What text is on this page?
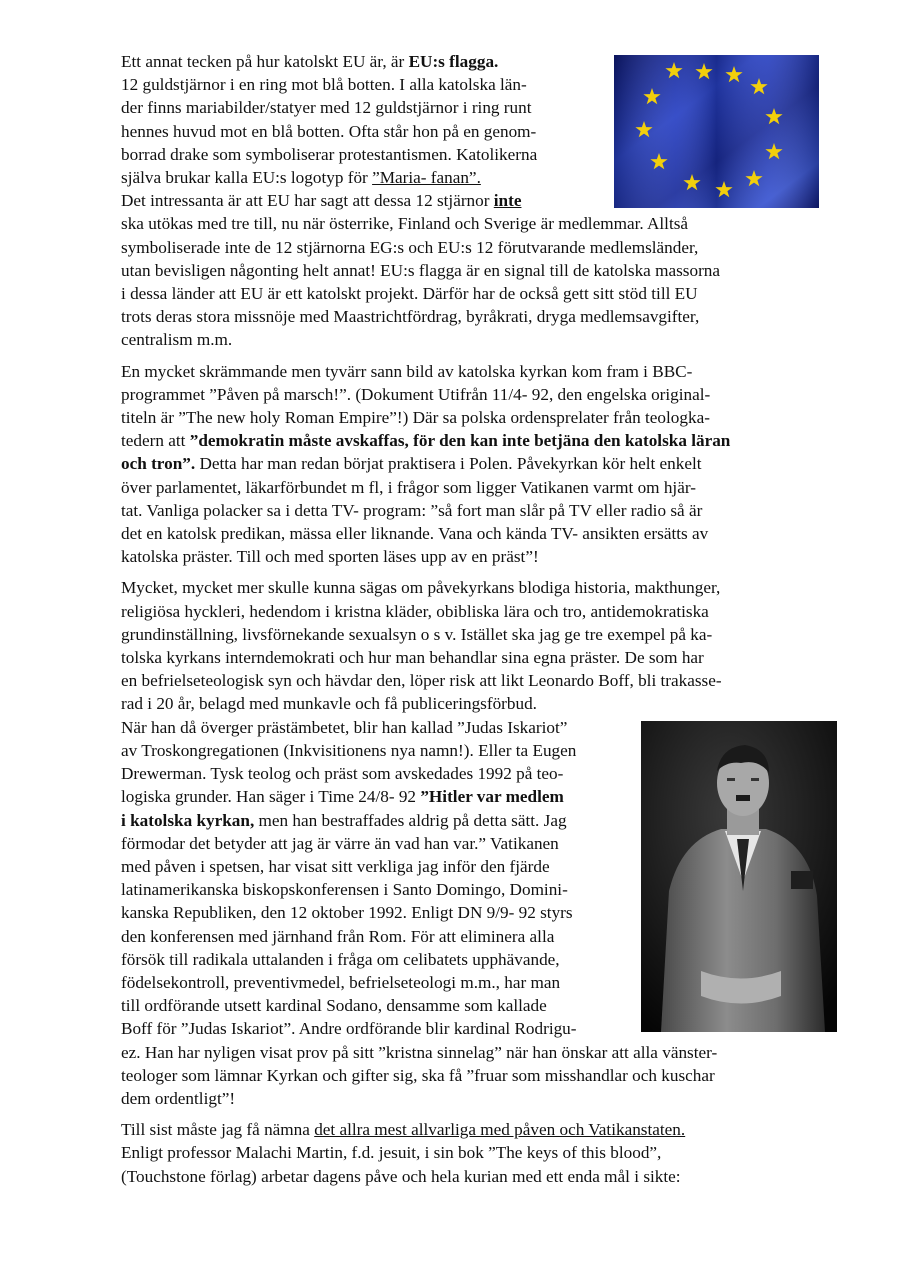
Ett annat tecken på hur katolskt EU är, är EU:s flagga.
12 guldstjärnor i en ring mot blå botten. I alla katolska län-
der finns mariabilder/statyer med 12 guldstjärnor i ring runt
hennes huvud mot en blå botten. Ofta står hon på en genom-
borrad drake som symboliserar protestantismen. Katolikerna
själva brukar kalla EU:s logotyp för ”Maria- fanan”.
Det intressanta är att EU har sagt att dessa 12 stjärnor inte
ska utökas med tre till, nu när österrike, Finland och Sverige är medlemmar. Alltså
symboliserade inte de 12 stjärnorna EG:s och EU:s 12 förutvarande medlemsländer,
utan bevisligen någonting helt annat! EU:s flagga är en signal till de katolska massorna
i dessa länder att EU är ett katolskt projekt. Därför har de också gett sitt stöd till EU
trots deras stora missnöje med Maastrichtfördrag, byråkrati, dryga medlemsavgifter,
centralism m.m.

En mycket skrämmande men tyvärr sann bild av katolska kyrkan kom fram i BBC-
programmet ”Påven på marsch!”. (Dokument Utifrån 11/4- 92, den engelska original-
titeln är ”The new holy Roman Empire”!) Där sa polska ordensprelater från teologka-
tedern att ”demokratin måste avskaffas, för den kan inte betjäna den katolska läran
och tron”. Detta har man redan börjat praktisera i Polen. Påvekyrkan kör helt enkelt
över parlamentet, läkarförbundet m fl, i frågor som ligger Vatikanen varmt om hjär-
tat. Vanliga polacker sa i detta TV- program: ”så fort man slår på TV eller radio så är
det en katolsk predikan, mässa eller liknande. Vana och kända TV- ansikten ersätts av
katolska präster. Till och med sporten läses upp av en präst”!

Mycket, mycket mer skulle kunna sägas om påvekyrkans blodiga historia, makthunger,
religiösa hyckleri, hedendom i kristna kläder, obibliska lära och tro, antidemokratiska
grundinställning, livsförnekande sexualsyn o s v. Istället ska jag ge tre exempel på ka-
tolska kyrkans interndemokrati och hur man behandlar sina egna präster. De som har
en befrielseteologisk syn och hävdar den, löper risk att likt Leonardo Boff, bli trakasse-
rad i 20 år, belagd med munkavle och få publiceringsförbud.
När han då överger prästämbetet, blir han kallad ”Judas Iskariot”
av Troskongregationen (Inkvisitionens nya namn!). Eller ta Eugen
Drewerman. Tysk teolog och präst som avskedades 1992 på teo-
logiska grunder. Han säger i Time 24/8- 92 ”Hitler var medlem
i katolska kyrkan, men han bestraffades aldrig på detta sätt. Jag
förmodar det betyder att jag är värre än vad han var.” Vatikanen
med påven i spetsen, har visat sitt verkliga jag inför den fjärde
latinamerikanska biskopskonferensen i Santo Domingo, Domini-
kanska Republiken, den 12 oktober 1992. Enligt DN 9/9- 92 styrs
den konferensen med järnhand från Rom. För att eliminera alla
försök till radikala uttalanden i fråga om celibatets upphävande,
födelsekontroll, preventivmedel, befrielseteologi m.m., har man
till ordförande utsett kardinal Sodano, densamme som kallade
Boff för ”Judas Iskariot”. Andre ordförande blir kardinal Rodrigu-
ez. Han har nyligen visat prov på sitt ”kristna sinnelag” när han önskar att alla vänster-
teologer som lämnar Kyrkan och gifter sig, ska få ”fruar som misshandlar och kuschar
dem ordentligt”!

Till sist måste jag få nämna det allra mest allvarliga med påven och Vatikanstaten.
Enligt professor Malachi Martin, f.d. jesuit, i sin bok ”The keys of this blood”,
(Touchstone förlag) arbetar dagens påve och hela kurian med ett enda mål i sikte:
